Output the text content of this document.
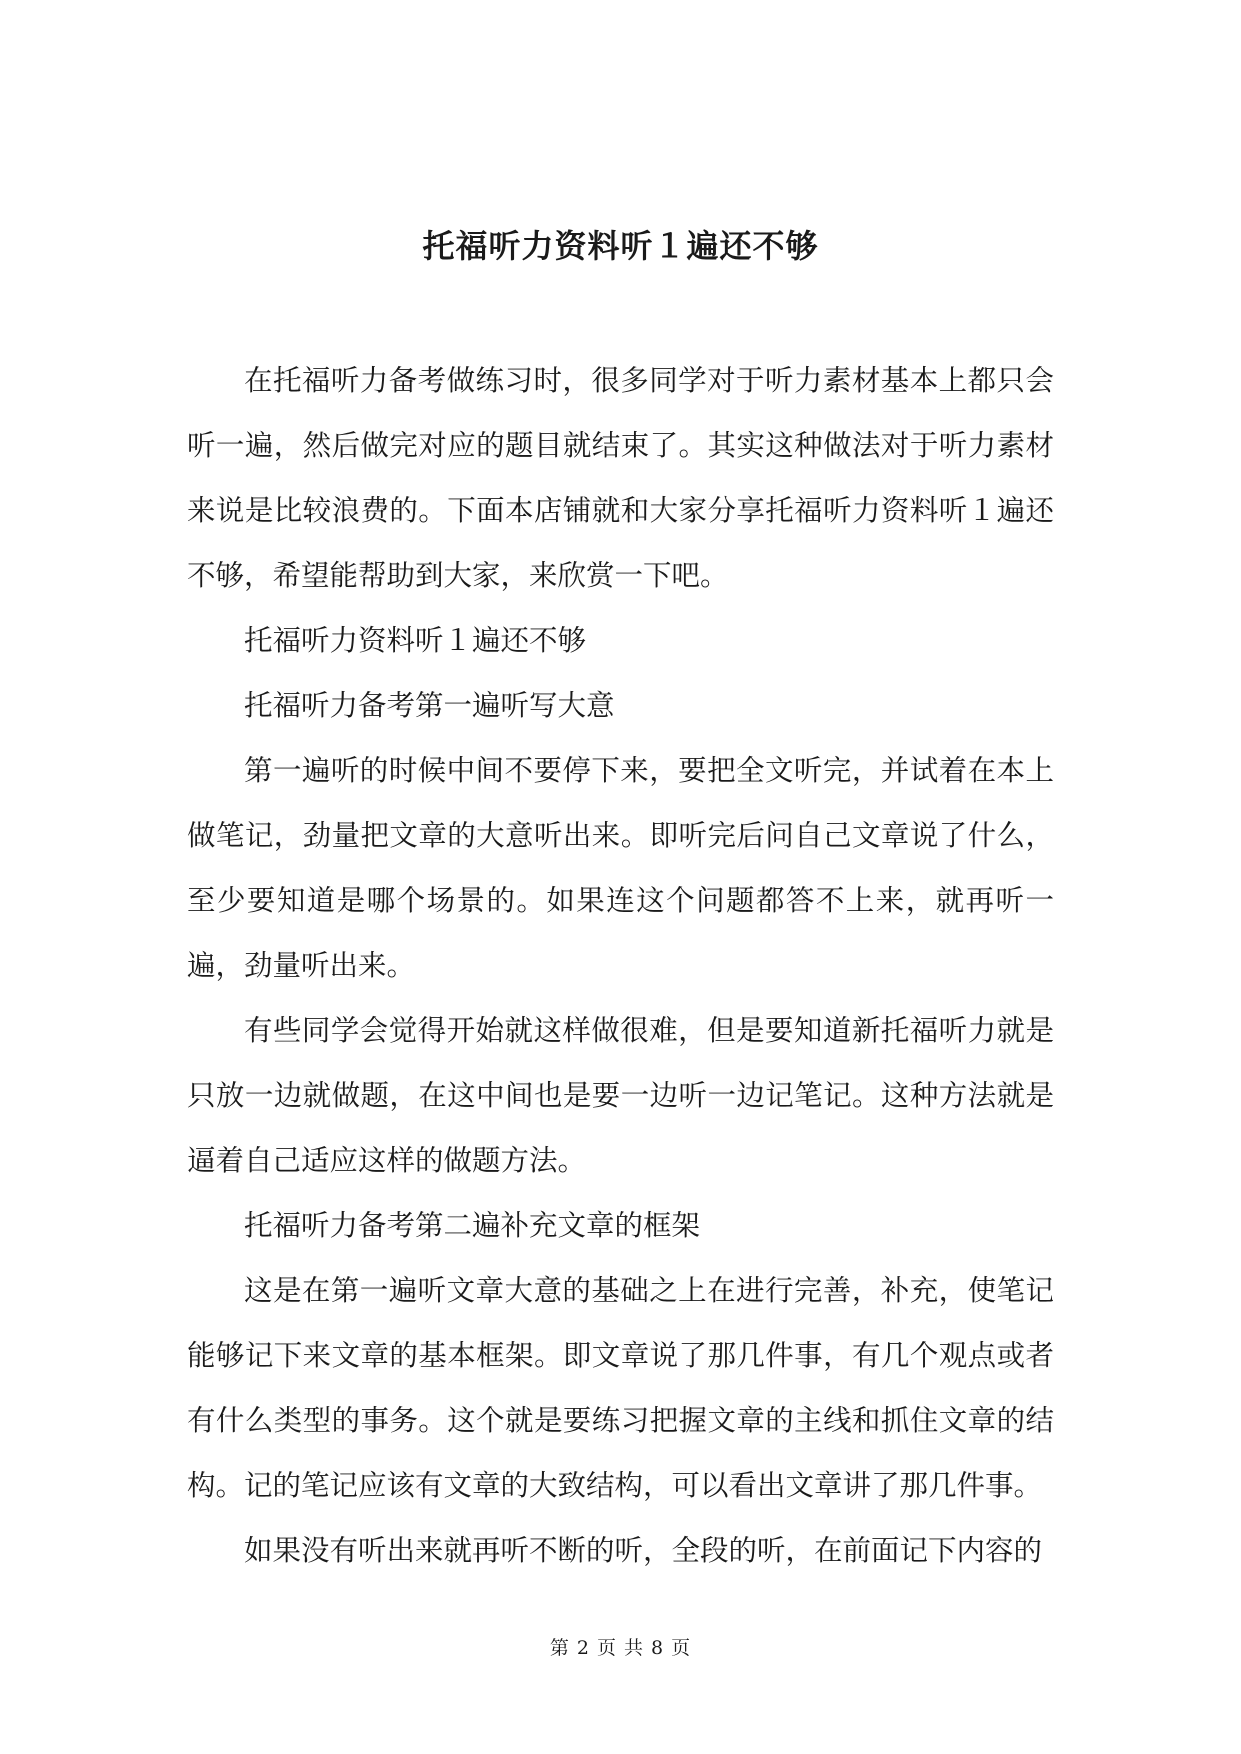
托福听力资料听１遍还不够

在托福听力备考做练习时，很多同学对于听力素材基本上都只会听一遍，然后做完对应的题目就结束了。其实这种做法对于听力素材来说是比较浪费的。下面本店铺就和大家分享托福听力资料听１遍还不够，希望能帮助到大家，来欣赏一下吧。

托福听力资料听１遍还不够

托福听力备考第一遍听写大意

第一遍听的时候中间不要停下来，要把全文听完，并试着在本上做笔记，劲量把文章的大意听出来。即听完后问自己文章说了什么，至少要知道是哪个场景的。如果连这个问题都答不上来，就再听一遍，劲量听出来。

有些同学会觉得开始就这样做很难，但是要知道新托福听力就是只放一边就做题，在这中间也是要一边听一边记笔记。这种方法就是逼着自己适应这样的做题方法。

托福听力备考第二遍补充文章的框架

这是在第一遍听文章大意的基础之上在进行完善，补充，使笔记能够记下来文章的基本框架。即文章说了那几件事，有几个观点或者有什么类型的事务。这个就是要练习把握文章的主线和抓住文章的结构。记的笔记应该有文章的大致结构，可以看出文章讲了那几件事。

如果没有听出来就再听不断的听，全段的听，在前面记下内容的

第 2 页 共 8 页
